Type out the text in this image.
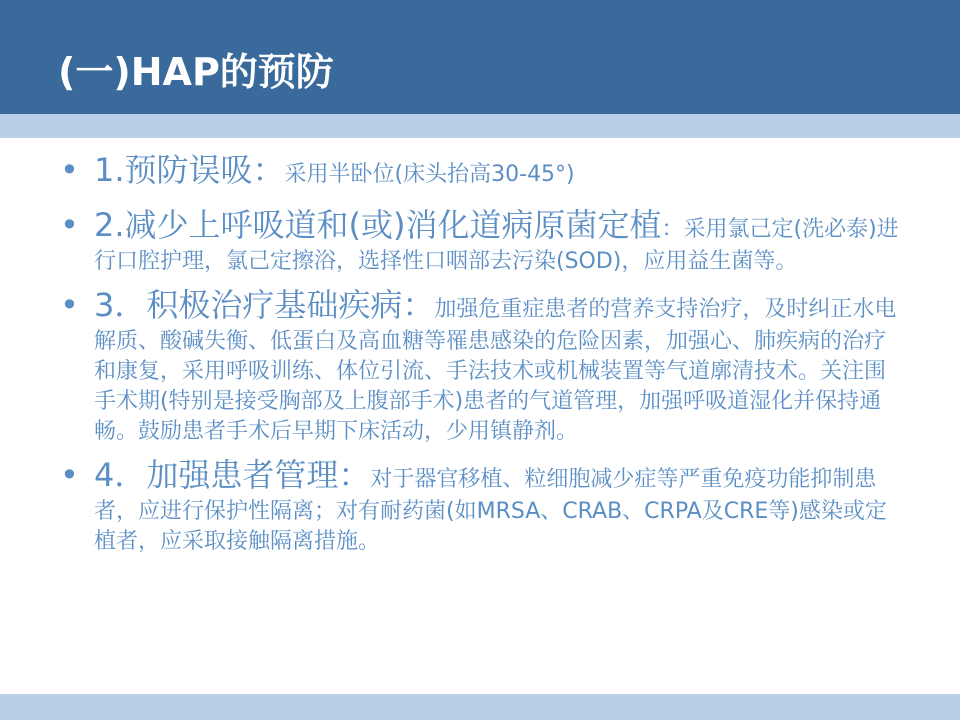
(一)HAP的预防
• 1.预防误吸：采用半卧位(床头抬高30-45°)
• 2.减少上呼吸道和(或)消化道病原菌定植：采用氯己定(洗必泰)进行口腔护理，氯己定擦浴，选择性口咽部去污染(SOD)，应用益生菌等。
• 3．积极治疗基础疾病：加强危重症患者的营养支持治疗，及时纠正水电解质、酸碱失衡、低蛋白及高血糖等罹患感染的危险因素，加强心、肺疾病的治疗和康复，采用呼吸训练、体位引流、手法技术或机械装置等气道廓清技术。关注围手术期(特别是接受胸部及上腹部手术)患者的气道管理，加强呼吸道湿化并保持通畅。鼓励患者手术后早期下床活动，少用镇静剂。
• 4．加强患者管理：对于器官移植、粒细胞减少症等严重免疫功能抑制患者，应进行保护性隔离；对有耐药菌(如MRSA、CRAB、CRPA及CRE等)感染或定植者，应采取接触隔离措施。
